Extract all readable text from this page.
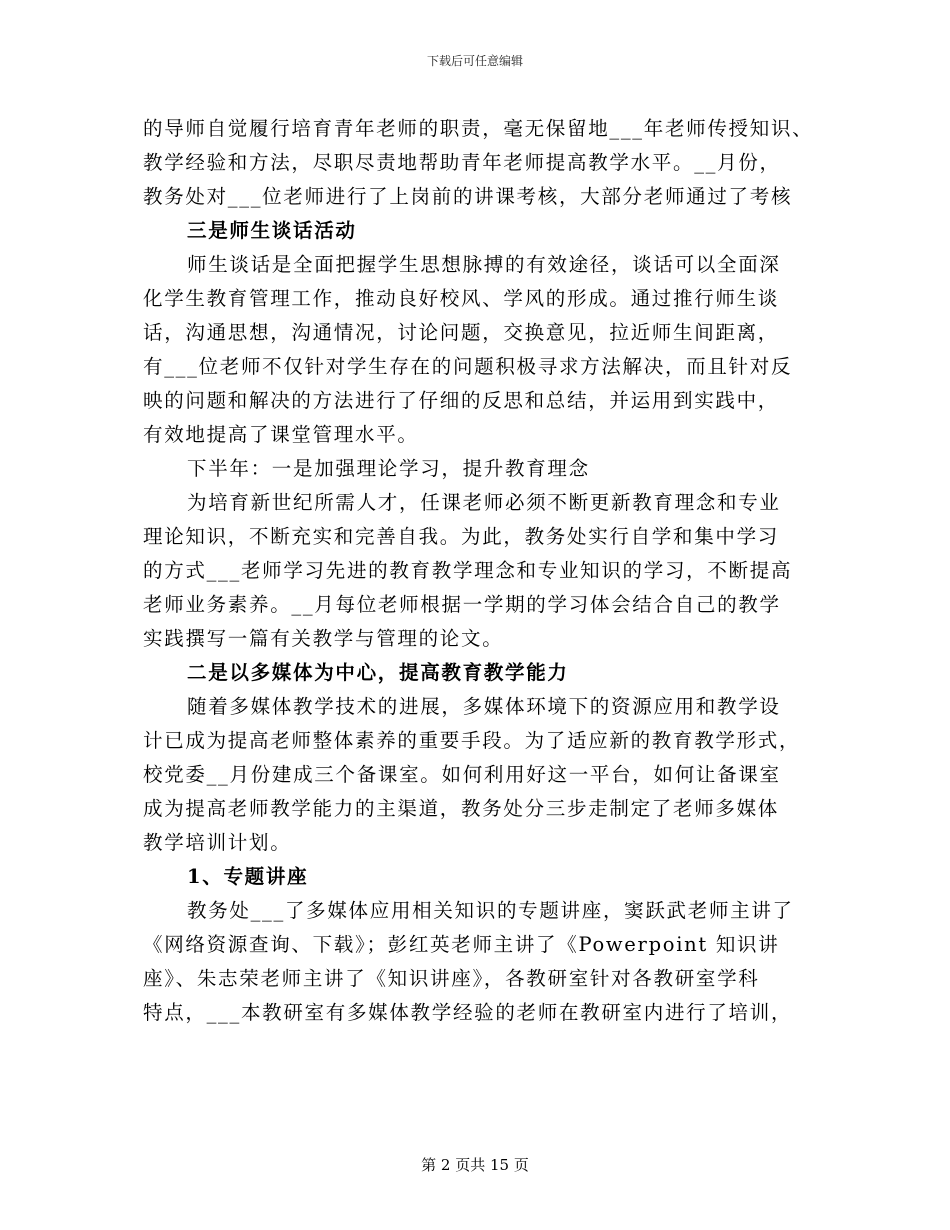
下载后可任意编辑
的导师自觉履行培育青年老师的职责，毫无保留地___年老师传授知识、
教学经验和方法，尽职尽责地帮助青年老师提高教学水平。__月份，
教务处对___位老师进行了上岗前的讲课考核，大部分老师通过了考核
三是师生谈话活动
师生谈话是全面把握学生思想脉搏的有效途径，谈话可以全面深
化学生教育管理工作，推动良好校风、学风的形成。通过推行师生谈
话，沟通思想，沟通情况，讨论问题，交换意见，拉近师生间距离，
有___位老师不仅针对学生存在的问题积极寻求方法解决，而且针对反
映的问题和解决的方法进行了仔细的反思和总结，并运用到实践中，
有效地提高了课堂管理水平。
下半年：一是加强理论学习，提升教育理念
为培育新世纪所需人才，任课老师必须不断更新教育理念和专业
理论知识，不断充实和完善自我。为此，教务处实行自学和集中学习
的方式___老师学习先进的教育教学理念和专业知识的学习，不断提高
老师业务素养。__月每位老师根据一学期的学习体会结合自己的教学
实践撰写一篇有关教学与管理的论文。
二是以多媒体为中心，提高教育教学能力
随着多媒体教学技术的进展，多媒体环境下的资源应用和教学设
计已成为提高老师整体素养的重要手段。为了适应新的教育教学形式，
校党委__月份建成三个备课室。如何利用好这一平台，如何让备课室
成为提高老师教学能力的主渠道，教务处分三步走制定了老师多媒体
教学培训计划。
1、专题讲座
教务处___了多媒体应用相关知识的专题讲座，窦跃武老师主讲了
《网络资源查询、下载》；彭红英老师主讲了《Powerpoint 知识讲
座》、朱志荣老师主讲了《知识讲座》，各教研室针对各教研室学科
特点，___本教研室有多媒体教学经验的老师在教研室内进行了培训，
第 2 页共 15 页
